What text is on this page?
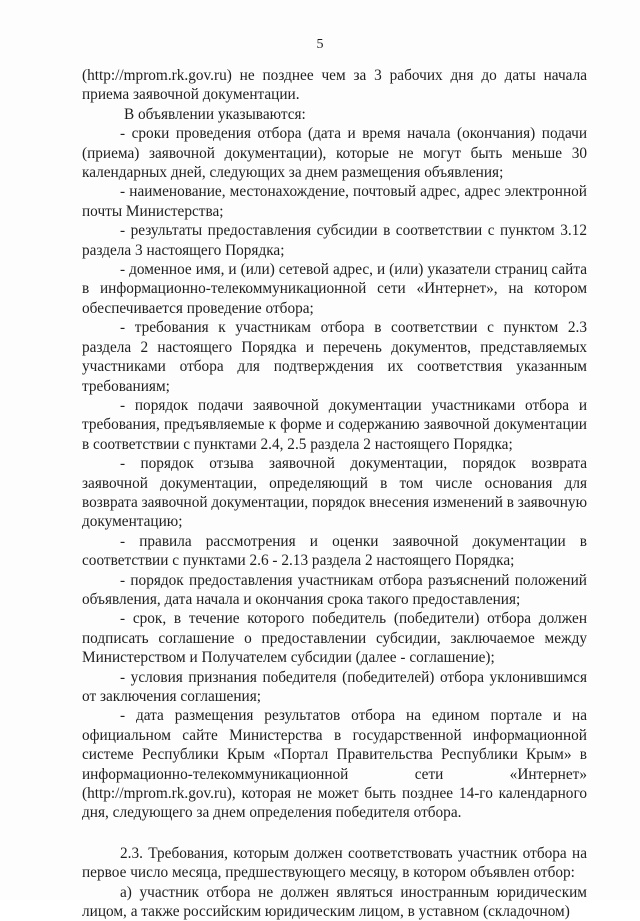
5

(http://mprom.rk.gov.ru) не позднее чем за 3 рабочих дня до даты начала приема заявочной документации.

В объявлении указываются:

- сроки проведения отбора (дата и время начала (окончания) подачи (приема) заявочной документации), которые не могут быть меньше 30 календарных дней, следующих за днем размещения объявления;

- наименование, местонахождение, почтовый адрес, адрес электронной почты Министерства;

- результаты предоставления субсидии в соответствии с пунктом 3.12 раздела 3 настоящего Порядка;

- доменное имя, и (или) сетевой адрес, и (или) указатели страниц сайта в информационно-телекоммуникационной сети «Интернет», на котором обеспечивается проведение отбора;

- требования к участникам отбора в соответствии с пунктом 2.3 раздела 2 настоящего Порядка и перечень документов, представляемых участниками отбора для подтверждения их соответствия указанным требованиям;

- порядок подачи заявочной документации участниками отбора и требования, предъявляемые к форме и содержанию заявочной документации в соответствии с пунктами 2.4, 2.5 раздела 2 настоящего Порядка;

- порядок отзыва заявочной документации, порядок возврата заявочной документации, определяющий в том числе основания для возврата заявочной документации, порядок внесения изменений в заявочную документацию;

- правила рассмотрения и оценки заявочной документации в соответствии с пунктами 2.6 - 2.13 раздела 2 настоящего Порядка;

- порядок предоставления участникам отбора разъяснений положений объявления, дата начала и окончания срока такого предоставления;

- срок, в течение которого победитель (победители) отбора должен подписать соглашение о предоставлении субсидии, заключаемое между Министерством и Получателем субсидии (далее - соглашение);

- условия признания победителя (победителей) отбора уклонившимся от заключения соглашения;

- дата размещения результатов отбора на едином портале и на официальном сайте Министерства в государственной информационной системе Республики Крым «Портал Правительства Республики Крым» в информационно-телекоммуникационной сети «Интернет» (http://mprom.rk.gov.ru), которая не может быть позднее 14-го календарного дня, следующего за днем определения победителя отбора.

2.3. Требования, которым должен соответствовать участник отбора на первое число месяца, предшествующего месяцу, в котором объявлен отбор:

а) участник отбора не должен являться иностранным юридическим лицом, а также российским юридическим лицом, в уставном (складочном)
